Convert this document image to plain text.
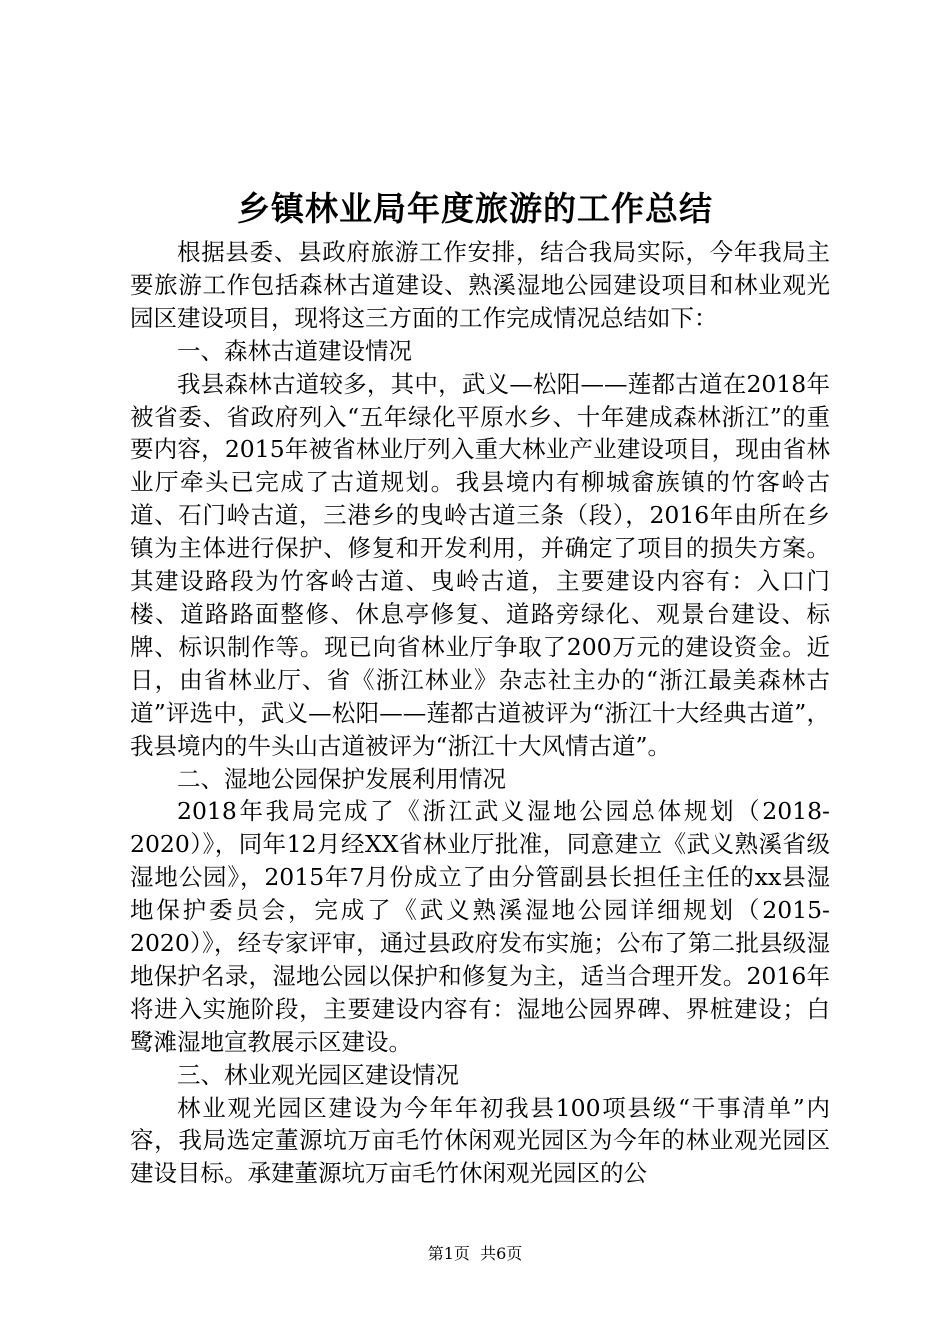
乡镇林业局年度旅游的工作总结

根据县委、县政府旅游工作安排，结合我局实际，今年我局主要旅游工作包括森林古道建设、熟溪湿地公园建设项目和林业观光园区建设项目，现将这三方面的工作完成情况总结如下：

一、森林古道建设情况

我县森林古道较多，其中，武义—松阳——莲都古道在2018年被省委、省政府列入“五年绿化平原水乡、十年建成森林浙江”的重要内容，2015年被省林业厅列入重大林业产业建设项目，现由省林业厅牵头已完成了古道规划。我县境内有柳城畲族镇的竹客岭古道、石门岭古道，三港乡的曳岭古道三条（段），2016年由所在乡镇为主体进行保护、修复和开发利用，并确定了项目的损失方案。其建设路段为竹客岭古道、曳岭古道，主要建设内容有：入口门楼、道路路面整修、休息亭修复、道路旁绿化、观景台建设、标牌、标识制作等。现已向省林业厅争取了200万元的建设资金。近日，由省林业厅、省《浙江林业》杂志社主办的“浙江最美森林古道”评选中，武义—松阳——莲都古道被评为“浙江十大经典古道”，我县境内的牛头山古道被评为“浙江十大风情古道”。

二、湿地公园保护发展利用情况

2018年我局完成了《浙江武义湿地公园总体规划（2018-2020）》，同年12月经XX省林业厅批准，同意建立《武义熟溪省级湿地公园》，2015年7月份成立了由分管副县长担任主任的xx县湿地保护委员会，完成了《武义熟溪湿地公园详细规划（2015-2020）》，经专家评审，通过县政府发布实施；公布了第二批县级湿地保护名录，湿地公园以保护和修复为主，适当合理开发。2016年将进入实施阶段，主要建设内容有：湿地公园界碑、界桩建设；白鹭滩湿地宣教展示区建设。

三、林业观光园区建设情况

林业观光园区建设为今年年初我县100项县级“干事清单”内容，我局选定董源坑万亩毛竹休闲观光园区为今年的林业观光园区建设目标。承建董源坑万亩毛竹休闲观光园区的公

第1页 共6页
